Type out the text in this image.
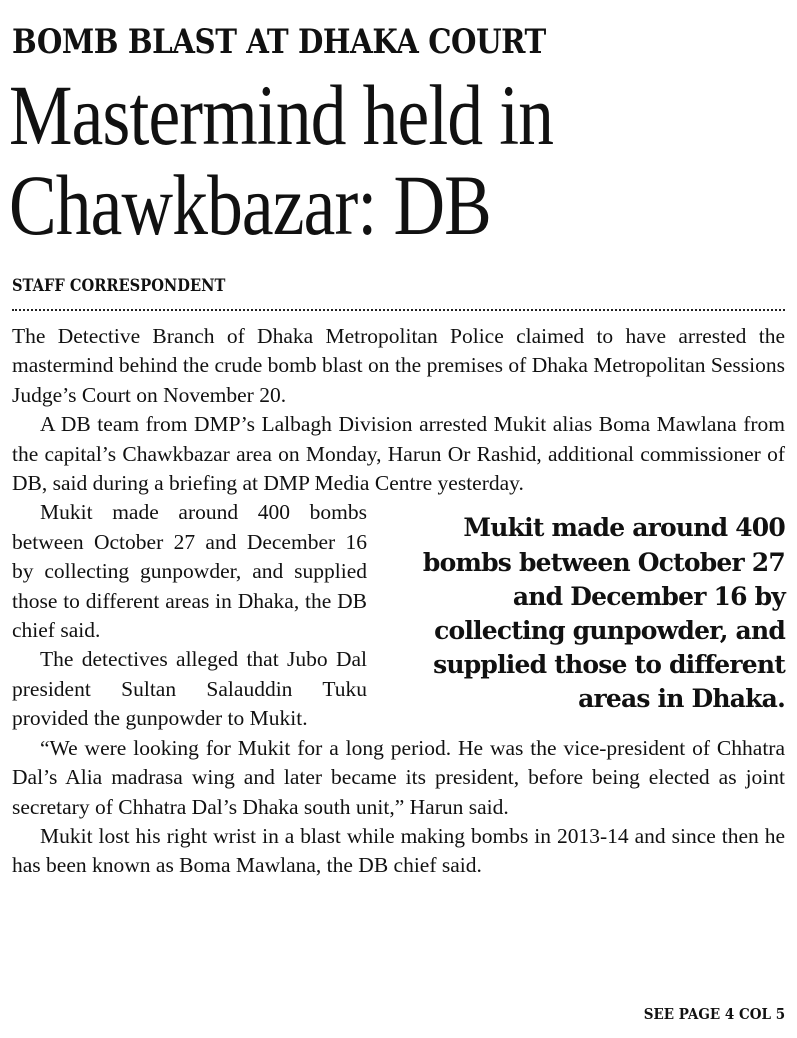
BOMB BLAST AT DHAKA COURT
Mastermind held in
Chawkbazar: DB

STAFF CORRESPONDENT

The Detective Branch of Dhaka Metropolitan Police claimed to have arrested the mastermind behind the crude bomb blast on the premises of Dhaka Metropolitan Sessions Judge’s Court on November 20.

A DB team from DMP’s Lalbagh Division arrested Mukit alias Boma Mawlana from the capital’s Chawkbazar area on Monday, Harun Or Rashid, additional commissioner of DB, said during a briefing at DMP Media Centre yesterday.

Mukit made around 400 bombs between October 27 and December 16 by collecting gunpowder, and supplied those to different areas in Dhaka.

Mukit made around 400 bombs between October 27 and December 16 by collecting gunpowder, and supplied those to different areas in Dhaka, the DB chief said.

The detectives alleged that Jubo Dal president Sultan Salauddin Tuku provided the gunpowder to Mukit.

“We were looking for Mukit for a long period. He was the vice-president of Chhatra Dal’s Alia madrasa wing and later became its president, before being elected as joint secretary of Chhatra Dal’s Dhaka south unit,” Harun said.

Mukit lost his right wrist in a blast while making bombs in 2013-14 and since then he has been known as Boma Mawlana, the DB chief said.

SEE PAGE 4 COL 5
